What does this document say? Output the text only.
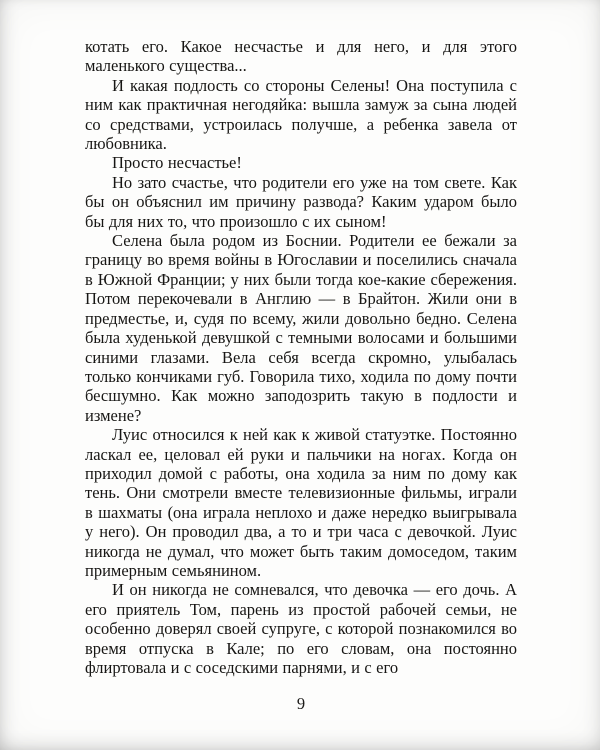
котать его. Какое несчастье и для него, и для этого маленького существа...

И какая подлость со стороны Селены! Она поступила с ним как практичная негодяйка: вышла замуж за сына людей со средствами, устроилась получше, а ребенка завела от любовника.

Просто несчастье!

Но зато счастье, что родители его уже на том свете. Как бы он объяснил им причину развода? Каким ударом было бы для них то, что произошло с их сыном!

Селена была родом из Боснии. Родители ее бежали за границу во время войны в Югославии и поселились сначала в Южной Франции; у них были тогда кое-какие сбережения. Потом перекочевали в Англию — в Брайтон. Жили они в предместье, и, судя по всему, жили довольно бедно. Селена была худенькой девушкой с темными волосами и большими синими глазами. Вела себя всегда скромно, улыбалась только кончиками губ. Говорила тихо, ходила по дому почти бесшумно. Как можно заподозрить такую в подлости и измене?

Луис относился к ней как к живой статуэтке. Постоянно ласкал ее, целовал ей руки и пальчики на ногах. Когда он приходил домой с работы, она ходила за ним по дому как тень. Они смотрели вместе телевизионные фильмы, играли в шахматы (она играла неплохо и даже нередко выигрывала у него). Он проводил два, а то и три часа с девочкой. Луис никогда не думал, что может быть таким домоседом, таким примерным семьянином.

И он никогда не сомневался, что девочка — его дочь. А его приятель Том, парень из простой рабочей семьи, не особенно доверял своей супруге, с которой познакомился во время отпуска в Кале; по его словам, она постоянно флиртовала и с соседскими парнями, и с его

9
